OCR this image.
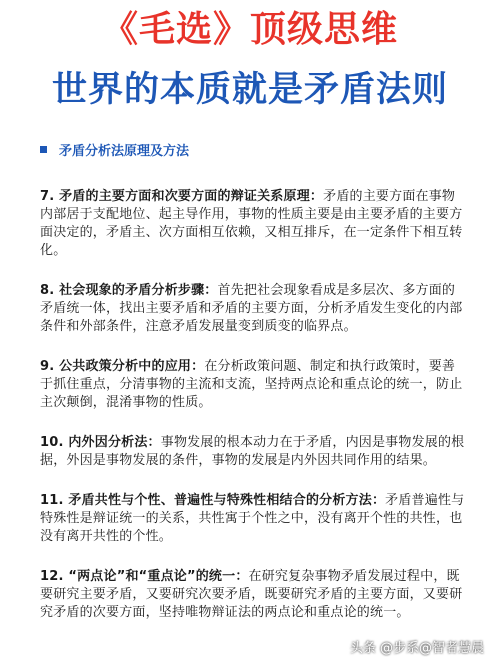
《毛选》顶级思维
世界的本质就是矛盾法则
矛盾分析法原理及方法

7. 矛盾的主要方面和次要方面的辩证关系原理：矛盾的主要方面在事物内部居于支配地位、起主导作用，事物的性质主要是由主要矛盾的主要方面决定的，矛盾主、次方面相互依赖，又相互排斥，在一定条件下相互转化。

8. 社会现象的矛盾分析步骤：首先把社会现象看成是多层次、多方面的矛盾统一体，找出主要矛盾和矛盾的主要方面，分析矛盾发生变化的内部条件和外部条件，注意矛盾发展量变到质变的临界点。

9. 公共政策分析中的应用：在分析政策问题、制定和执行政策时，要善于抓住重点，分清事物的主流和支流，坚持两点论和重点论的统一，防止主次颠倒，混淆事物的性质。

10. 内外因分析法：事物发展的根本动力在于矛盾，内因是事物发展的根据，外因是事物发展的条件，事物的发展是内外因共同作用的结果。

11. 矛盾共性与个性、普遍性与特殊性相结合的分析方法：矛盾普遍性与特殊性是辩证统一的关系，共性寓于个性之中，没有离开个性的共性，也没有离开共性的个性。

12. “两点论”和“重点论”的统一：在研究复杂事物矛盾发展过程中，既要研究主要矛盾，又要研究次要矛盾，既要研究矛盾的主要方面，又要研究矛盾的次要方面，坚持唯物辩证法的两点论和重点论的统一。

头条 @步系@智者慧晨
